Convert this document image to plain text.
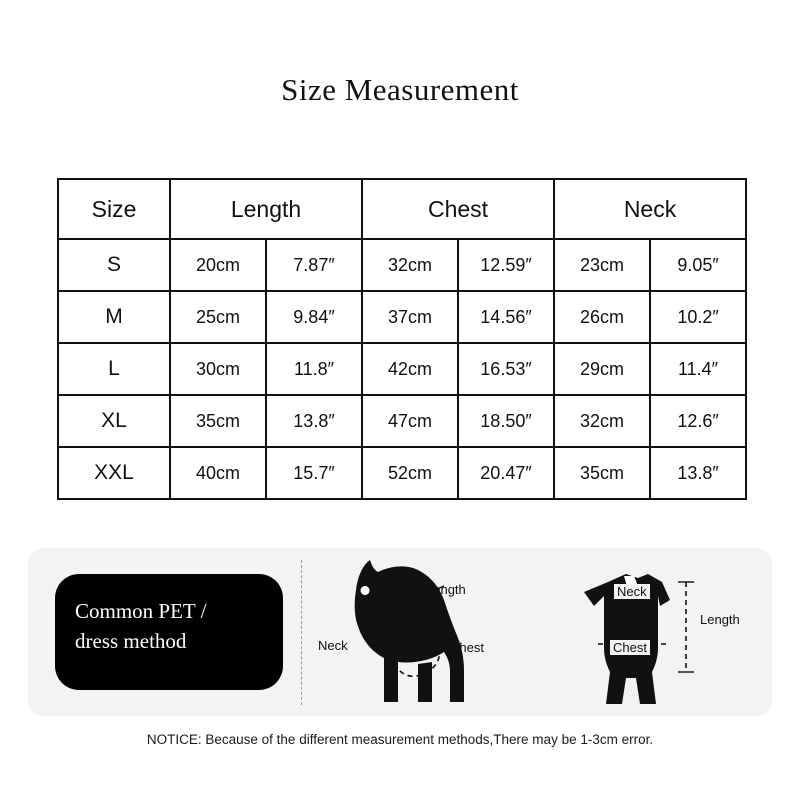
Size Measurement
Size	Length		Chest		Neck	
S	20cm	7.87″	32cm	12.59″	23cm	9.05″
M	25cm	9.84″	37cm	14.56″	26cm	10.2″
L	30cm	11.8″	42cm	16.53″	29cm	11.4″
XL	35cm	13.8″	47cm	18.50″	32cm	12.6″
XXL	40cm	15.7″	52cm	20.47″	35cm	13.8″
Common PET /
dress method
Length
Neck	Chest
Neck
Chest
Length
NOTICE: Because of the different measurement methods,There may be 1-3cm error.
